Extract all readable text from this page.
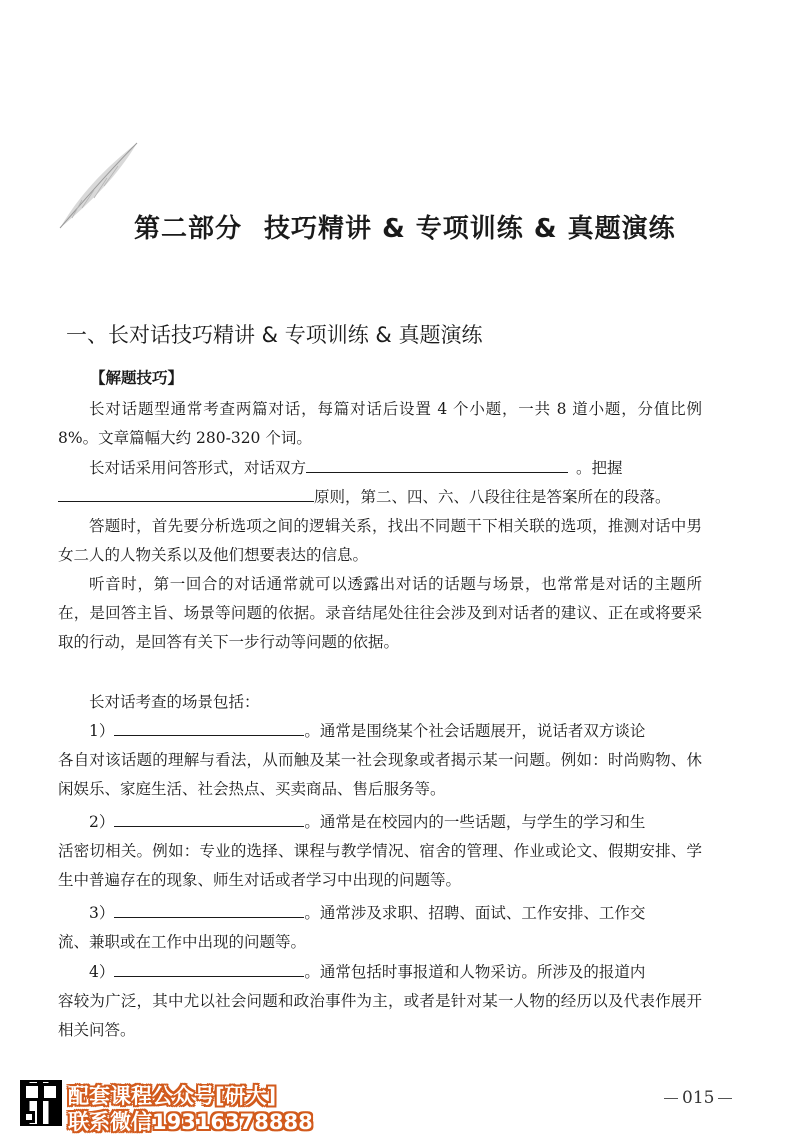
第二部分 技巧精讲 & 专项训练 & 真题演练
一、长对话技巧精讲 & 专项训练 & 真题演练
【解题技巧】
长对话题型通常考查两篇对话，每篇对话后设置 4 个小题，一共 8 道小题，分值比例 8%。文章篇幅大约 280-320 个词。
长对话采用问答形式，对话双方	。把握
原则，第二、四、六、八段往往是答案所在的段落。
答题时，首先要分析选项之间的逻辑关系，找出不同题干下相关联的选项，推测对话中男女二人的人物关系以及他们想要表达的信息。
听音时，第一回合的对话通常就可以透露出对话的话题与场景，也常常是对话的主题所在，是回答主旨、场景等问题的依据。录音结尾处往往会涉及到对话者的建议、正在或将要采取的行动，是回答有关下一步行动等问题的依据。
长对话考查的场景包括：
1）	。通常是围绕某个社会话题展开，说话者双方谈论
各自对该话题的理解与看法，从而触及某一社会现象或者揭示某一问题。例如：时尚购物、休闲娱乐、家庭生活、社会热点、买卖商品、售后服务等。
2）	。通常是在校园内的一些话题，与学生的学习和生
活密切相关。例如：专业的选择、课程与教学情况、宿舍的管理、作业或论文、假期安排、学生中普遍存在的现象、师生对话或者学习中出现的问题等。
3）	。通常涉及求职、招聘、面试、工作安排、工作交
流、兼职或在工作中出现的问题等。
4）	。通常包括时事报道和人物采访。所涉及的报道内
容较为广泛，其中尤以社会问题和政治事件为主，或者是针对某一人物的经历以及代表作展开相关问答。
配套课程公众号[研大]
联系微信19316378888
015
